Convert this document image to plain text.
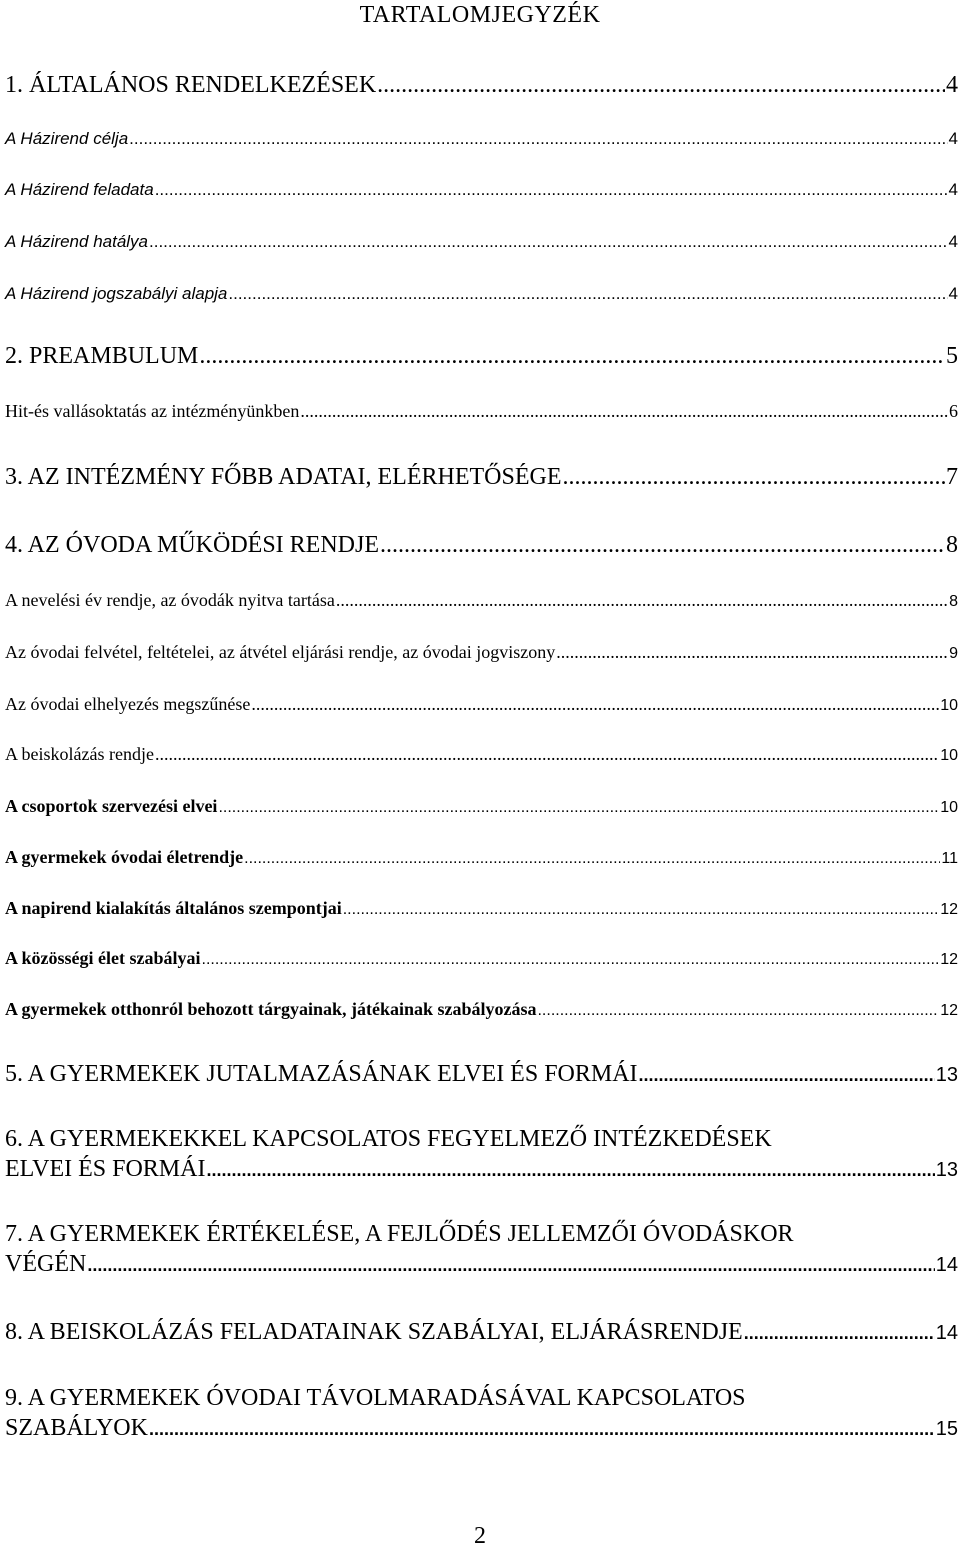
TARTALOMJEGYZÉK
1. ÁLTALÁNOS RENDELKEZÉSEK .....	4
A Házirend célja .....	4
A Házirend feladata .....	4
A Házirend hatálya .....	4
A Házirend jogszabályi alapja .....	4
2. PREAMBULUM .....	5
Hit-és vallásoktatás az intézményünkben .....	6
3. AZ INTÉZMÉNY FŐBB ADATAI, ELÉRHETŐSÉGE .....	7
4. AZ ÓVODA MŰKÖDÉSI RENDJE .....	8
A nevelési év rendje, az óvodák nyitva tartása .....	8
Az óvodai felvétel, feltételei, az átvétel eljárási rendje, az óvodai jogviszony .....	9
Az óvodai elhelyezés megszűnése .....	10
A beiskolázás rendje .....	10
A csoportok szervezési elvei .....	10
A gyermekek óvodai életrendje .....	11
A napirend kialakítás általános szempontjai .....	12
A közösségi élet szabályai .....	12
A gyermekek otthonról behozott tárgyainak, játékainak szabályozása .....	12
5. A GYERMEKEK JUTALMAZÁSÁNAK ELVEI ÉS FORMÁI .....	13
6. A GYERMEKEKKEL KAPCSOLATOS FEGYELMEZŐ INTÉZKEDÉSEK
ELVEI ÉS FORMÁI .....	13
7. A GYERMEKEK ÉRTÉKELÉSE, A FEJLŐDÉS JELLEMZŐI ÓVODÁSKOR
VÉGÉN .....	14
8. A BEISKOLÁZÁS FELADATAINAK SZABÁLYAI, ELJÁRÁSRENDJE .....	14
9. A GYERMEKEK ÓVODAI TÁVOLMARADÁSÁVAL KAPCSOLATOS
SZABÁLYOK .....	15
2
